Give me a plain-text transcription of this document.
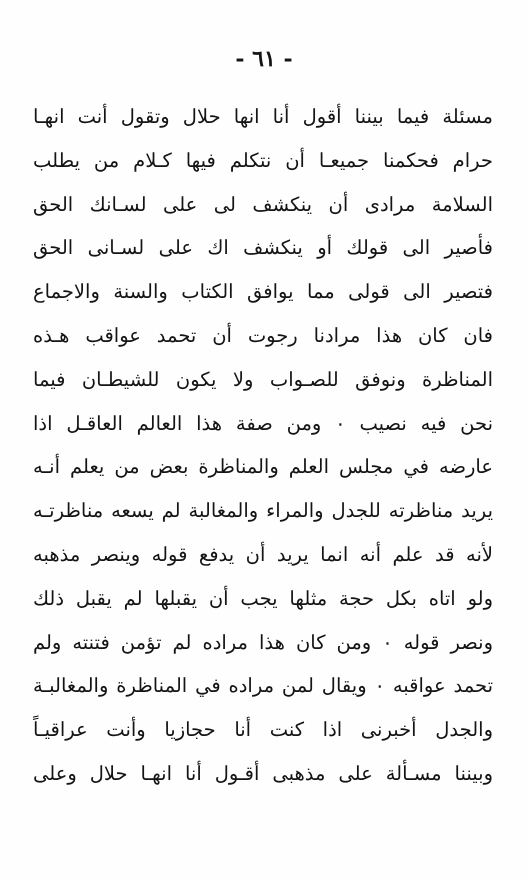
- ٦١ -
مسئلة فيما بيننا أقول أنا انها حلال وتقول أنت انهـا
حرام فحكمنا جميعـا أن نتكلم فيها كـلام من يطلب
السلامة مرادى أن ينكشف لى على لسـانك الحق
فأصير الى قولك أو ينكشف اك على لسـانى الحق
فتصير الى قولى مما يوافق الكتاب والسنة والاجماع
فان كان هذا مرادنا رجوت أن تحمد عواقب هـذه
المناظرة ونوفق للصـواب ولا يكون للشيطـان فيما
نحن فيه نصيب ٠ ومن صفة هذا العالم العاقـل اذا
عارضه في مجلس العلم والمناظرة بعض من يعلم أنـه
يريد مناظرته للجدل والمراء والمغالبة لم يسعه مناظرتـه
لأنه قد علم أنه انما يريد أن يدفع قوله وينصر مذهبه
ولو اتاه بكل حجة مثلها يجب أن يقبلها لم يقبل ذلك
ونصر قوله ٠ ومن كان هذا مراده لم تؤمن فتنته ولم
تحمد عواقبه ٠ ويقال لمن مراده في المناظرة والمغالبـة
والجدل أخبرنى اذا كنت أنا حجازيا وأنت عراقيـاً
وبيننا مسـألة على مذهبى أقـول أنا انهـا حلال وعلى
